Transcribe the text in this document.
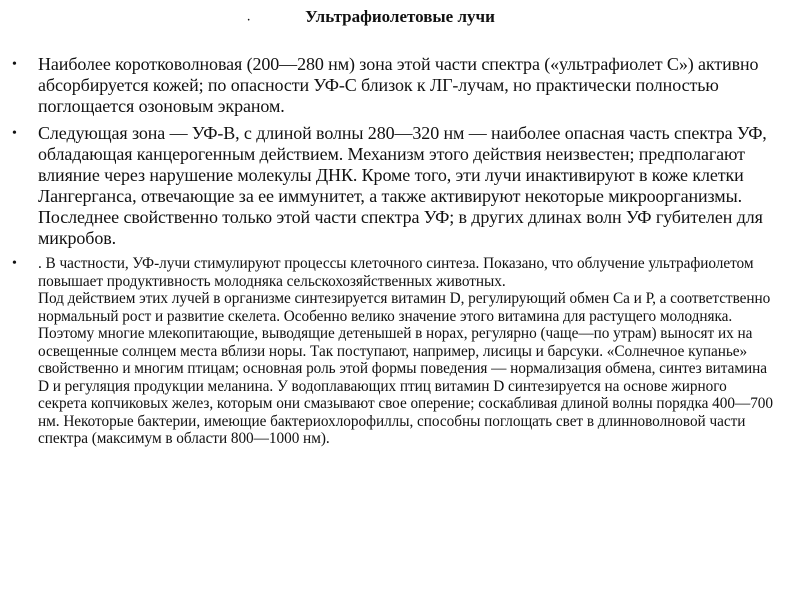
·	Ультрафиолетовые лучи
• Наиболее коротковолновая (200—280 нм) зона этой части спектра («ультрафиолет С») активно абсорбируется кожей; по опасности УФ-С близок к ЛГ-лучам, но практически полностью поглощается озоновым экраном.
• Следующая зона — УФ-В, с длиной волны 280—320 нм — наиболее опасная часть спектра УФ, обладающая канцерогенным действием. Механизм этого действия неизвестен; предполагают влияние через нарушение молекулы ДНК. Кроме того, эти лучи инактивируют в коже клетки Лангерганса, отвечающие за ее иммунитет, а также активируют некоторые микроорганизмы. Последнее свойственно только этой части спектра УФ; в других длинах волн УФ губителен для микробов.
• . В частности, УФ-лучи стимулируют процессы клеточного синтеза. Показано, что облучение ультрафиолетом повышает продуктивность молодняка сельскохозяйственных животных.
Под действием этих лучей в организме синтезируется витамин D, регулирующий обмен Са и Р, а соответственно нормальный рост и развитие скелета. Особенно велико значение этого витамина для растущего молодняка. Поэтому многие млекопитающие, выводящие детенышей в норах, регулярно (чаще—по утрам) выносят их на освещенные солнцем места вблизи норы. Так поступают, например, лисицы и барсуки. «Солнечное купанье» свойственно и многим птицам; основная роль этой формы поведения — нормализация обмена, синтез витамина D и регуляция продукции меланина. У водоплавающих птиц витамин D синтезируется на основе жирного секрета копчиковых желез, которым они смазывают свое оперение; соскабливая длиной волны порядка 400—700 нм. Некоторые бактерии, имеющие бактериохлорофиллы, способны поглощать свет в длинноволновой части спектра (максимум в области 800—1000 нм).
